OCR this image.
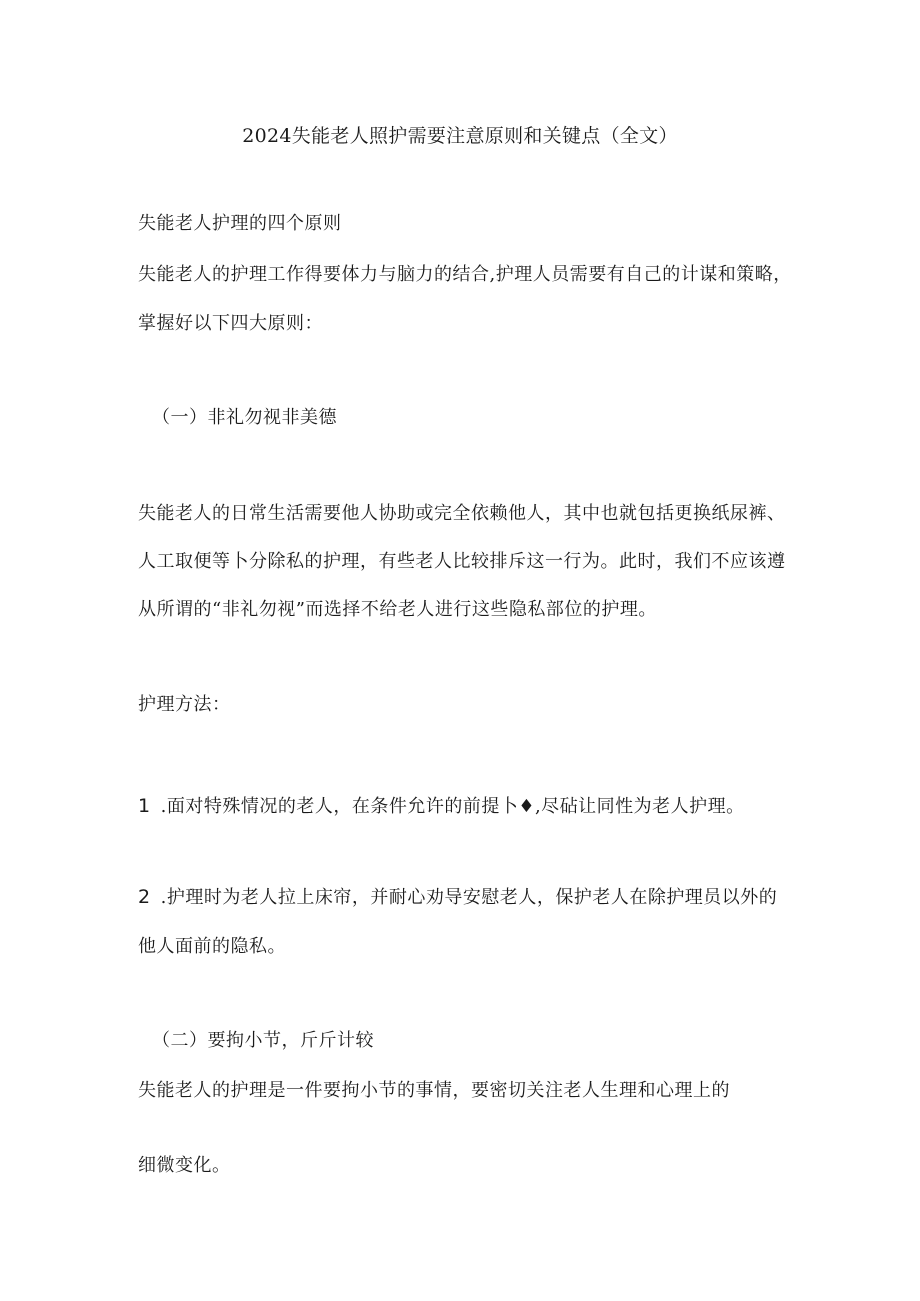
2024失能老人照护需要注意原则和关键点（全文）
失能老人护理的四个原则
失能老人的护理工作得要体力与脑力的结合,护理人员需要有自己的计谋和策略，
掌握好以下四大原则：
（一）非礼勿视非美德
失能老人的日常生活需要他人协助或完全依赖他人，其中也就包括更换纸尿裤、
人工取便等卜分除私的护理，有些老人比较排斥这一行为。此时，我们不应该遵
从所谓的“非礼勿视”而选择不给老人进行这些隐私部位的护理。
护理方法：
1 .面对特殊情况的老人，在条件允许的前提卜♦,尽砧让同性为老人护理。
2 .护理时为老人拉上床帘，并耐心劝导安慰老人，保护老人在除护理员以外的
他人面前的隐私。
（二）要拘小节，斤斤计较
失能老人的护理是一件要拘小节的事情，要密切关注老人生理和心理上的
细微变化。
